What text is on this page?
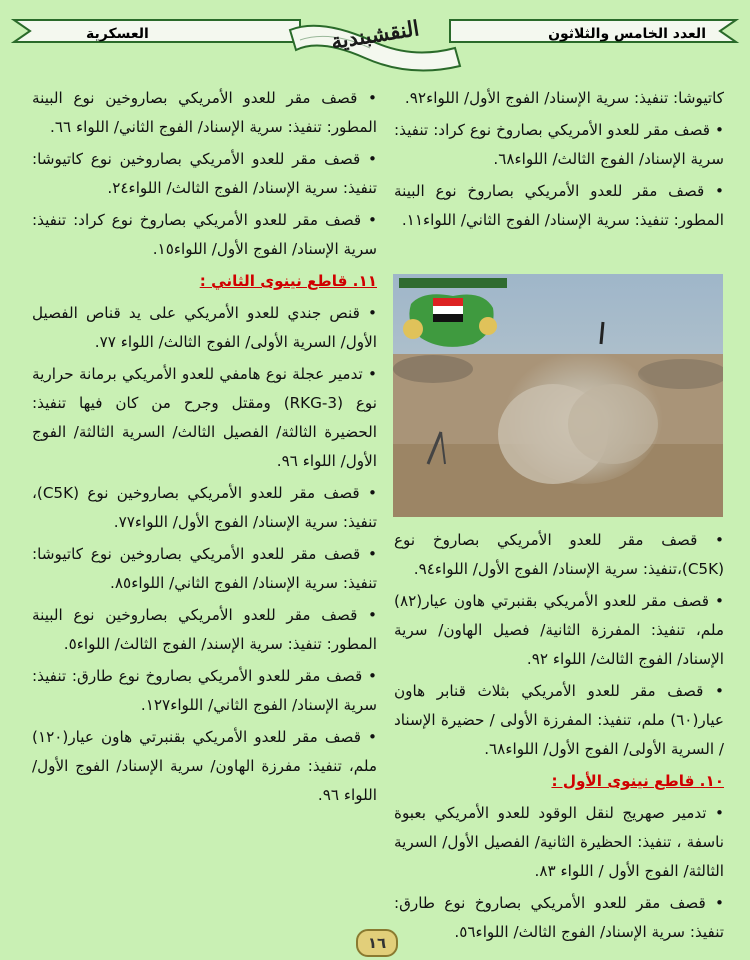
العدد الخامس والثلاثون
العسكرية	النقشبندية

كاتيوشا: تنفيذ: سرية الإسناد/ الفوج الأول/ اللواء٩٢.

• قصف مقر للعدو الأمريكي بصاروخ نوع كراد: تنفيذ: سرية الإسناد/ الفوج الثالث/ اللواء٦٨.

• قصف مقر للعدو الأمريكي بصاروخ نوع البينة المطور: تنفيذ: سرية الإسناد/ الفوج الثاني/ اللواء١١.

• قصف مقر للعدو الأمريكي بصاروخ نوع (C5K)،تنفيذ: سرية الإسناد/ الفوج الأول/ اللواء٩٤.

• قصف مقر للعدو الأمريكي بقنبرتي هاون عيار(٨٢) ملم، تنفيذ: المفرزة الثانية/ فصيل الهاون/ سرية الإسناد/ الفوج الثالث/ اللواء ٩٢.

• قصف مقر للعدو الأمريكي بثلاث قنابر هاون عيار(٦٠) ملم، تنفيذ: المفرزة الأولى / حضيرة الإسناد / السرية الأولى/ الفوج الأول/ اللواء٦٨.

١٠. قاطع نينوى الأول :

• تدمير صهريج لنقل الوقود للعدو الأمريكي بعبوة ناسفة ، تنفيذ: الحظيرة الثانية/ الفصيل الأول/ السرية الثالثة/ الفوج الأول / اللواء ٨٣.

• قصف مقر للعدو الأمريكي بصاروخ نوع طارق: تنفيذ: سرية الإسناد/ الفوج الثالث/ اللواء٥٦.

• قصف مقر للعدو الأمريكي بصاروخين نوع البينة المطور: تنفيذ: سرية الإسناد/ الفوج الثاني/ اللواء ٦٦.

• قصف مقر للعدو الأمريكي بصاروخين نوع كاتيوشا: تنفيذ: سرية الإسناد/ الفوج الثالث/ اللواء٢٤.

• قصف مقر للعدو الأمريكي بصاروخ نوع كراد: تنفيذ: سرية الإسناد/ الفوج الأول/ اللواء١٥.

١١. قاطع نينوى الثاني :

• قنص جندي للعدو الأمريكي على يد قناص الفصيل الأول/ السرية الأولى/ الفوج الثالث/ اللواء ٧٧.

• تدمير عجلة نوع هامفي للعدو الأمريكي برمانة حرارية نوع (RKG-3) ومقتل وجرح من كان فيها تنفيذ: الحضيرة الثالثة/ الفصيل الثالث/ السرية الثالثة/ الفوج الأول/ اللواء ٩٦.

• قصف مقر للعدو الأمريكي بصاروخين نوع (C5K)، تنفيذ: سرية الإسناد/ الفوج الأول/ اللواء٧٧.

• قصف مقر للعدو الأمريكي بصاروخين نوع كاتيوشا: تنفيذ: سرية الإسناد/ الفوج الثاني/ اللواء٨٥.

• قصف مقر للعدو الأمريكي بصاروخين نوع البينة المطور: تنفيذ: سرية الإسند/ الفوج الثالث/ اللواء٥.

• قصف مقر للعدو الأمريكي بصاروخ نوع طارق: تنفيذ: سرية الإسناد/ الفوج الثاني/ اللواء١٢٧.

• قصف مقر للعدو الأمريكي بقنبرتي هاون عيار(١٢٠) ملم، تنفيذ: مفرزة الهاون/ سرية الإسناد/ الفوج الأول/ اللواء ٩٦.

١٦
